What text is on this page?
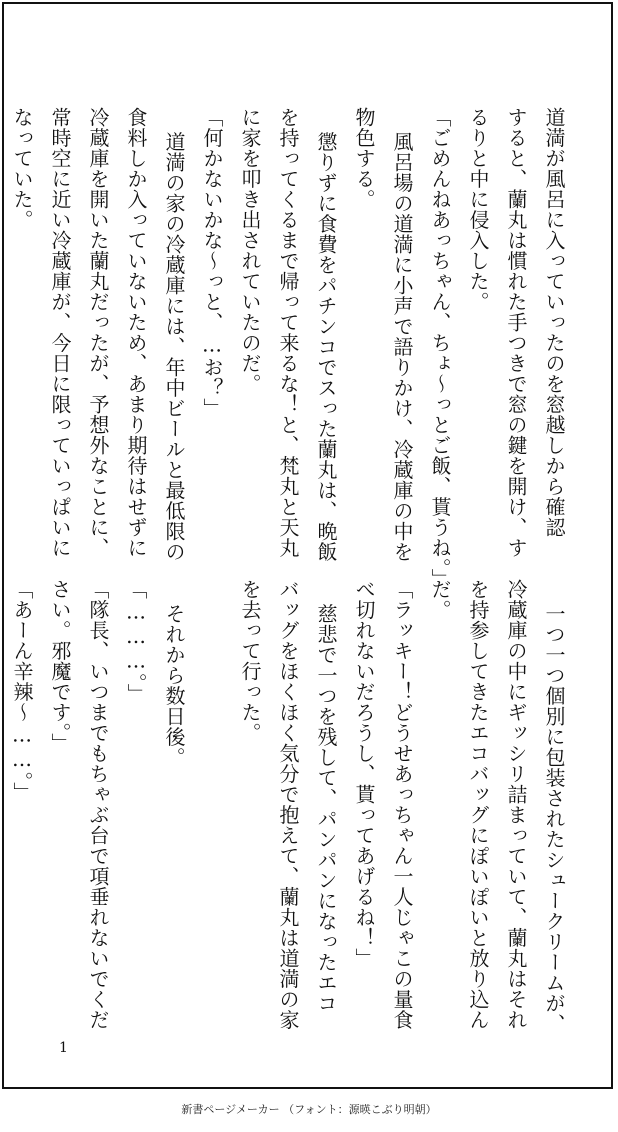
道満が風呂に入っていったのを窓越しから確認
すると、蘭丸は慣れた手つきで窓の鍵を開け、す
るりと中に侵入した。
「ごめんねあっちゃん、ちょ〜っとご飯、貰うね。」
風呂場の道満に小声で語りかけ、冷蔵庫の中を
物色する。
懲りずに食費をパチンコでスった蘭丸は、晩飯
を持ってくるまで帰って来るな！と、梵丸と天丸
に家を叩き出されていたのだ。
「何かないかな〜っと、…お？」
道満の家の冷蔵庫には、年中ビールと最低限の
食料しか入っていないため、あまり期待はせずに
冷蔵庫を開いた蘭丸だったが、予想外なことに、
常時空に近い冷蔵庫が、今日に限っていっぱいに
なっていた。

一つ一つ個別に包装されたシュークリームが、
冷蔵庫の中にギッシリ詰まっていて、蘭丸はそれ
を持参してきたエコバッグにぽいぽいと放り込ん
だ。
「ラッキー！どうせあっちゃん一人じゃこの量食
べ切れないだろうし、貰ってあげるね！」
慈悲で一つを残して、パンパンになったエコ
バッグをほくほく気分で抱えて、蘭丸は道満の家
を去って行った。

それから数日後。
「………。」
「隊長、いつまでもちゃぶ台で項垂れないでくだ
さい。邪魔です。」
「あーん辛辣〜……。」

1
新書ページメーカー （フォント：源暎こぶり明朝）
